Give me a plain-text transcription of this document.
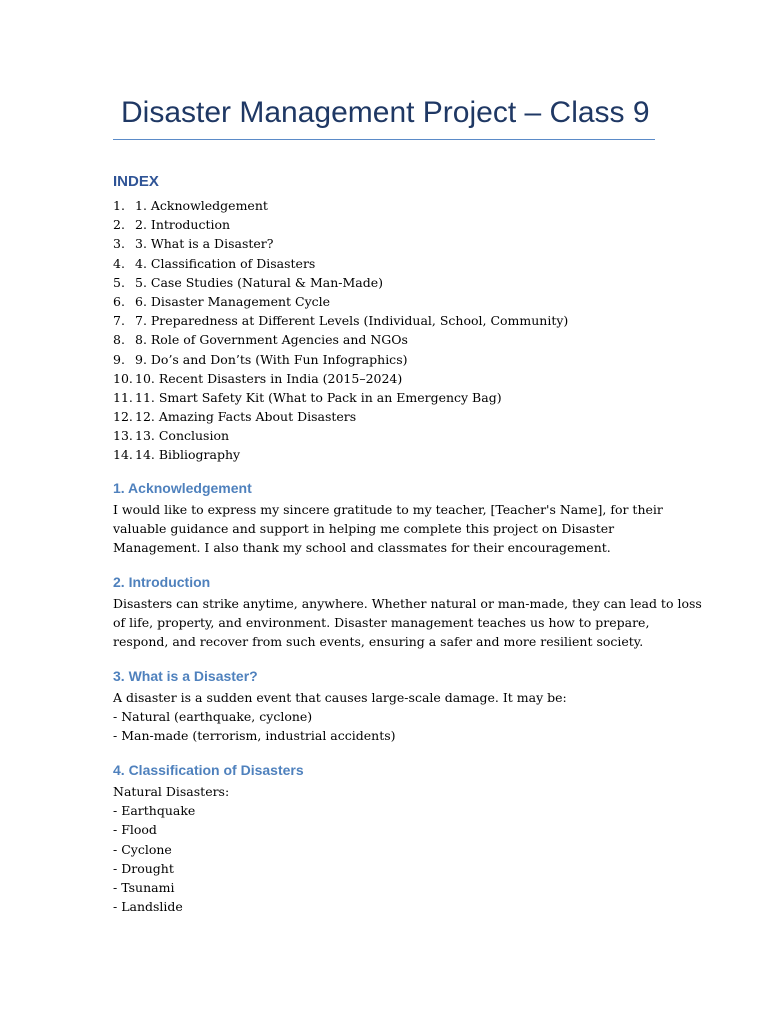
Disaster Management Project – Class 9
INDEX
1. 1. Acknowledgement
2. 2. Introduction
3. 3. What is a Disaster?
4. 4. Classification of Disasters
5. 5. Case Studies (Natural & Man-Made)
6. 6. Disaster Management Cycle
7. 7. Preparedness at Different Levels (Individual, School, Community)
8. 8. Role of Government Agencies and NGOs
9. 9. Do’s and Don’ts (With Fun Infographics)
10. 10. Recent Disasters in India (2015–2024)
11. 11. Smart Safety Kit (What to Pack in an Emergency Bag)
12. 12. Amazing Facts About Disasters
13. 13. Conclusion
14. 14. Bibliography
1. Acknowledgement

I would like to express my sincere gratitude to my teacher, [Teacher's Name], for their
valuable guidance and support in helping me complete this project on Disaster
Management. I also thank my school and classmates for their encouragement.

2. Introduction

Disasters can strike anytime, anywhere. Whether natural or man-made, they can lead to loss
of life, property, and environment. Disaster management teaches us how to prepare,
respond, and recover from such events, ensuring a safer and more resilient society.

3. What is a Disaster?

A disaster is a sudden event that causes large-scale damage. It may be:
- Natural (earthquake, cyclone)
- Man-made (terrorism, industrial accidents)

4. Classification of Disasters

Natural Disasters:
- Earthquake
- Flood
- Cyclone
- Drought
- Tsunami
- Landslide
